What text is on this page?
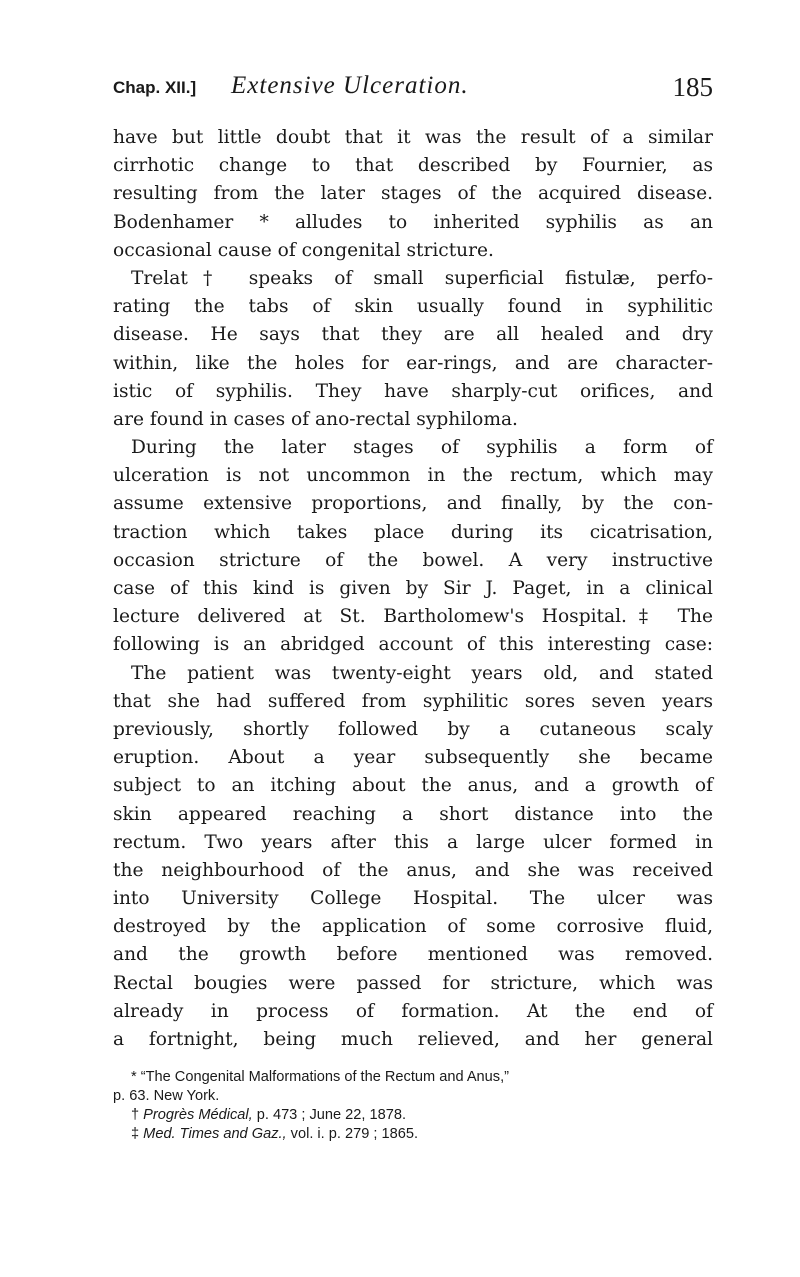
Chap. XII.] Extensive Ulceration.	185
have but little doubt that it was the result of a similar
cirrhotic change to that described by Fournier, as
resulting from the later stages of the acquired disease.
Bodenhamer * alludes to inherited syphilis as an
occasional cause of congenital stricture.
Trelat† speaks of small superficial fistulæ, perfo-
rating the tabs of skin usually found in syphilitic
disease. He says that they are all healed and dry
within, like the holes for ear-rings, and are character-
istic of syphilis. They have sharply-cut orifices, and
are found in cases of ano-rectal syphiloma.
During the later stages of syphilis a form of
ulceration is not uncommon in the rectum, which may
assume extensive proportions, and finally, by the con-
traction which takes place during its cicatrisation,
occasion stricture of the bowel. A very instructive
case of this kind is given by Sir J. Paget, in a clinical
lecture delivered at St. Bartholomew's Hospital.‡ The
following is an abridged account of this interesting case:
The patient was twenty-eight years old, and stated
that she had suffered from syphilitic sores seven years
previously, shortly followed by a cutaneous scaly
eruption. About a year subsequently she became
subject to an itching about the anus, and a growth of
skin appeared reaching a short distance into the
rectum. Two years after this a large ulcer formed in
the neighbourhood of the anus, and she was received
into University College Hospital. The ulcer was
destroyed by the application of some corrosive fluid,
and the growth before mentioned was removed.
Rectal bougies were passed for stricture, which was
already in process of formation. At the end of
a fortnight, being much relieved, and her general
* “The Congenital Malformations of the Rectum and Anus,”
p. 63. New York.
† Progrès Médical, p. 473 ; June 22, 1878.
‡ Med. Times and Gaz., vol. i. p. 279 ; 1865.
